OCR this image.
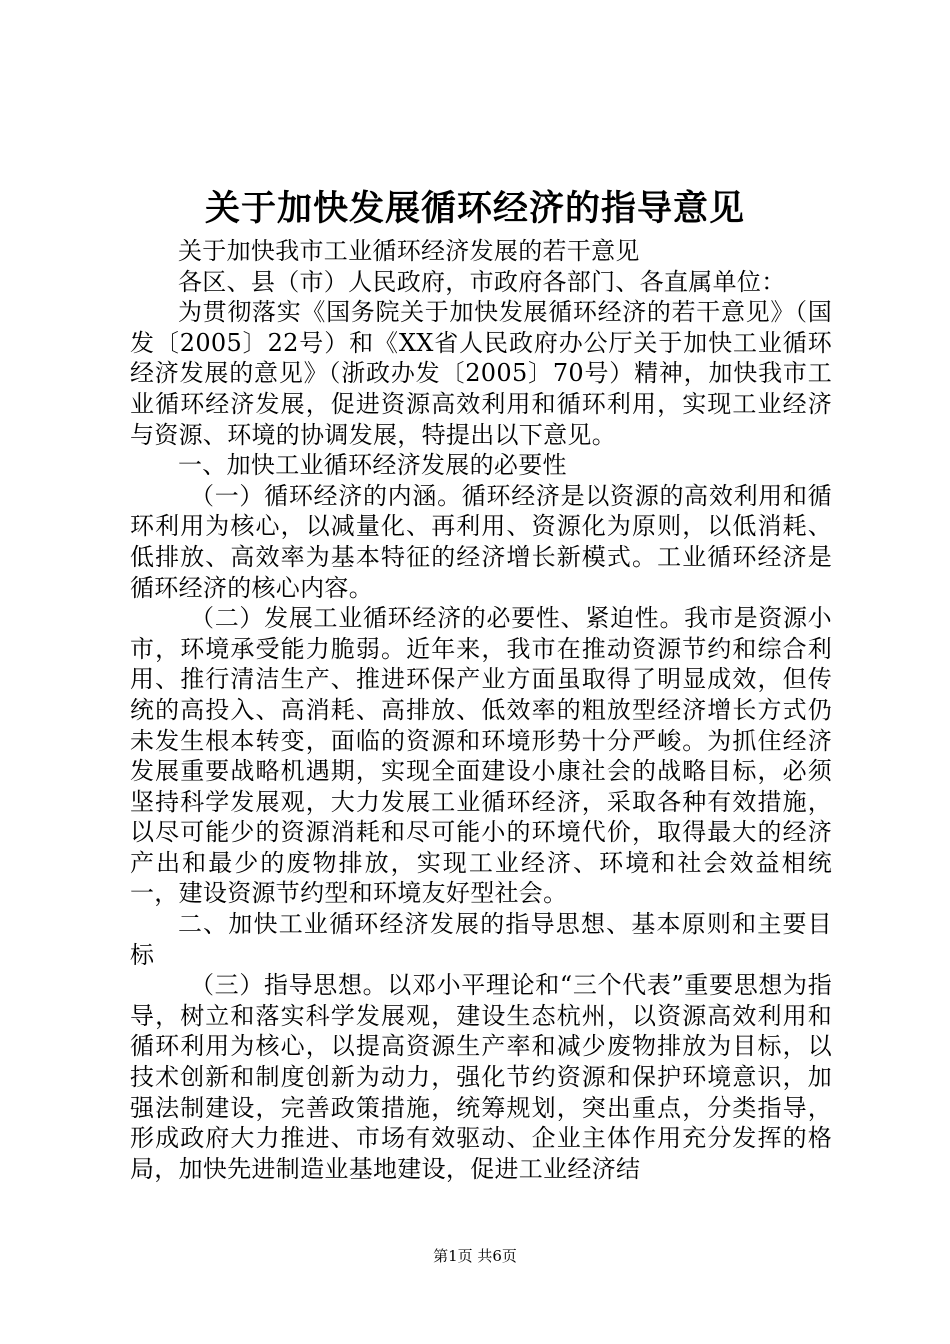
关于加快发展循环经济的指导意见

关于加快我市工业循环经济发展的若干意见

各区、县（市）人民政府，市政府各部门、各直属单位：

为贯彻落实《国务院关于加快发展循环经济的若干意见》（国发〔2005〕22号）和《XX省人民政府办公厅关于加快工业循环经济发展的意见》（浙政办发〔2005〕70号）精神，加快我市工业循环经济发展，促进资源高效利用和循环利用，实现工业经济与资源、环境的协调发展，特提出以下意见。

一、加快工业循环经济发展的必要性

（一）循环经济的内涵。循环经济是以资源的高效利用和循环利用为核心，以减量化、再利用、资源化为原则，以低消耗、低排放、高效率为基本特征的经济增长新模式。工业循环经济是循环经济的核心内容。

（二）发展工业循环经济的必要性、紧迫性。我市是资源小市，环境承受能力脆弱。近年来，我市在推动资源节约和综合利用、推行清洁生产、推进环保产业方面虽取得了明显成效，但传统的高投入、高消耗、高排放、低效率的粗放型经济增长方式仍未发生根本转变，面临的资源和环境形势十分严峻。为抓住经济发展重要战略机遇期，实现全面建设小康社会的战略目标，必须坚持科学发展观，大力发展工业循环经济，采取各种有效措施，以尽可能少的资源消耗和尽可能小的环境代价，取得最大的经济产出和最少的废物排放，实现工业经济、环境和社会效益相统一，建设资源节约型和环境友好型社会。

二、加快工业循环经济发展的指导思想、基本原则和主要目标

（三）指导思想。以邓小平理论和“三个代表”重要思想为指导，树立和落实科学发展观，建设生态杭州，以资源高效利用和循环利用为核心，以提高资源生产率和减少废物排放为目标，以技术创新和制度创新为动力，强化节约资源和保护环境意识，加强法制建设，完善政策措施，统筹规划，突出重点，分类指导，形成政府大力推进、市场有效驱动、企业主体作用充分发挥的格局，加快先进制造业基地建设，促进工业经济结

第1页 共6页
